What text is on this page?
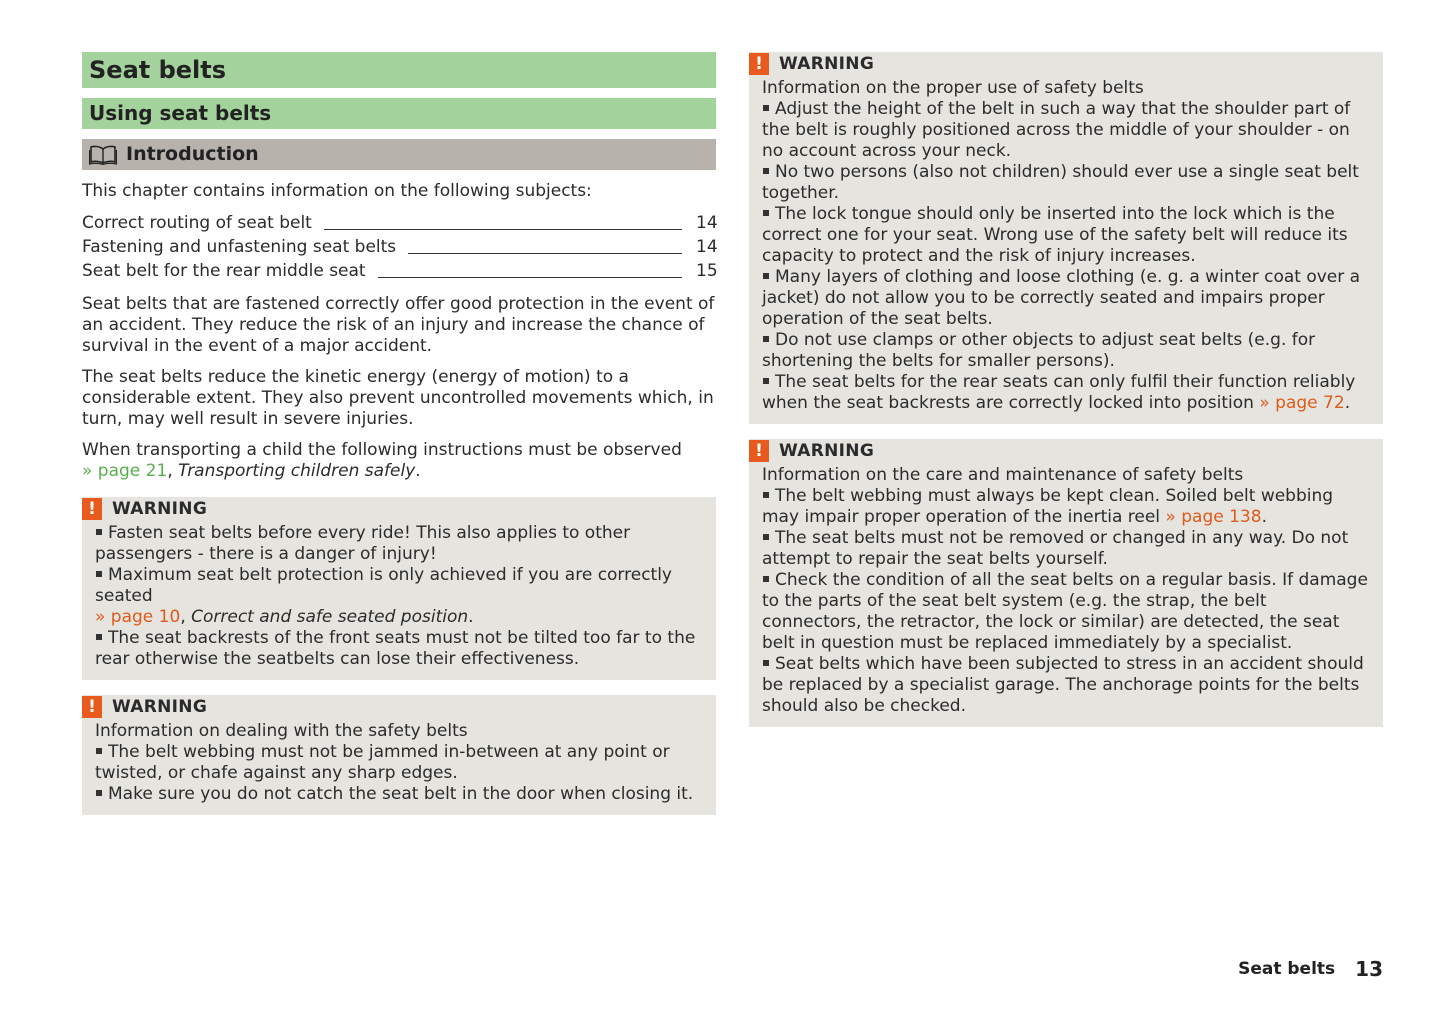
Seat belts
Using seat belts
Introduction

This chapter contains information on the following subjects:

Correct routing of seat belt	14
Fastening and unfastening seat belts	14
Seat belt for the rear middle seat	15

Seat belts that are fastened correctly offer good protection in the event of an accident. They reduce the risk of an injury and increase the chance of survival in the event of a major accident.

The seat belts reduce the kinetic energy (energy of motion) to a considerable extent. They also prevent uncontrolled movements which, in turn, may well result in severe injuries.

When transporting a child the following instructions must be observed
» page 21, Transporting children safely.

! WARNING

Fasten seat belts before every ride! This also applies to other passengers - there is a danger of injury!

Maximum seat belt protection is only achieved if you are correctly seated
» page 10, Correct and safe seated position.

The seat backrests of the front seats must not be tilted too far to the rear otherwise the seatbelts can lose their effectiveness.

! WARNING

Information on dealing with the safety belts

The belt webbing must not be jammed in-between at any point or twisted, or chafe against any sharp edges.

Make sure you do not catch the seat belt in the door when closing it.

! WARNING

Information on the proper use of safety belts

Adjust the height of the belt in such a way that the shoulder part of the belt is roughly positioned across the middle of your shoulder - on no account across your neck.

No two persons (also not children) should ever use a single seat belt together.

The lock tongue should only be inserted into the lock which is the correct one for your seat. Wrong use of the safety belt will reduce its capacity to protect and the risk of injury increases.

Many layers of clothing and loose clothing (e. g. a winter coat over a jacket) do not allow you to be correctly seated and impairs proper operation of the seat belts.

Do not use clamps or other objects to adjust seat belts (e.g. for shortening the belts for smaller persons).

The seat belts for the rear seats can only fulfil their function reliably when the seat backrests are correctly locked into position » page 72.

! WARNING

Information on the care and maintenance of safety belts

The belt webbing must always be kept clean. Soiled belt webbing may impair proper operation of the inertia reel » page 138.

The seat belts must not be removed or changed in any way. Do not attempt to repair the seat belts yourself.

Check the condition of all the seat belts on a regular basis. If damage to the parts of the seat belt system (e.g. the strap, the belt connectors, the retractor, the lock or similar) are detected, the seat belt in question must be replaced immediately by a specialist.

Seat belts which have been subjected to stress in an accident should be replaced by a specialist garage. The anchorage points for the belts should also be checked.

Seat belts 13
